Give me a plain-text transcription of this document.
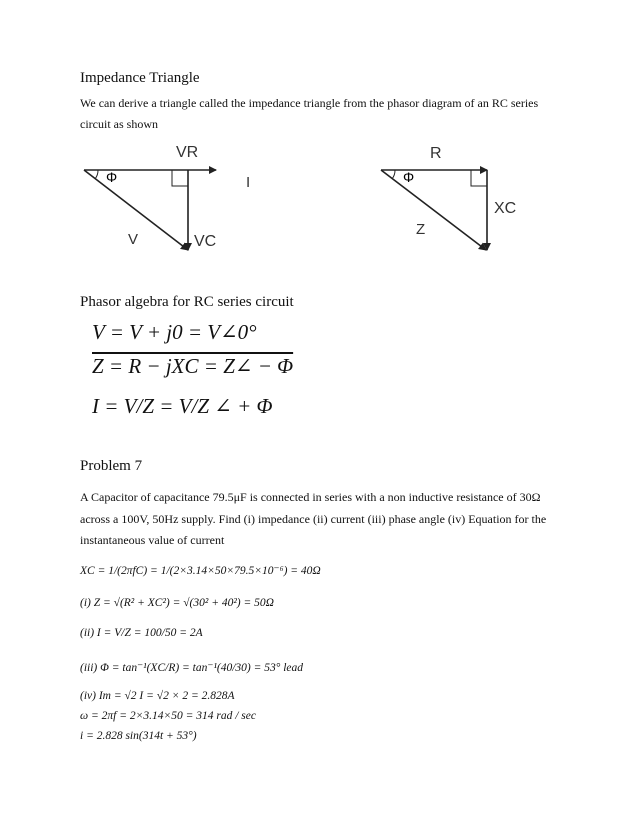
Impedance Triangle
We can derive a triangle called the impedance triangle from the phasor diagram of an RC series
circuit as shown
Φ
VR
I
V	VC
Φ
R
XC
Z
Phasor algebra for RC series circuit
V = V + j0 = V∠0°
Z = R − jXC = Z∠ − Φ
I = V/Z = V/Z ∠ + Φ
Problem 7
A Capacitor of capacitance 79.5μF is connected in series with a non inductive resistance of 30Ω
across a 100V, 50Hz supply. Find (i) impedance (ii) current (iii) phase angle (iv) Equation for the
instantaneous value of current
XC = 1/(2πfC) = 1/(2×3.14×50×79.5×10⁻⁶) = 40Ω
(i) Z = √(R² + XC²) = √(30² + 40²) = 50Ω
(ii) I = V/Z = 100/50 = 2A
(iii) Φ = tan⁻¹(XC/R) = tan⁻¹(40/30) = 53° lead
(iv) Im = √2 I = √2 × 2 = 2.828A
ω = 2πf = 2×3.14×50 = 314 rad / sec
i = 2.828 sin(314t + 53°)
